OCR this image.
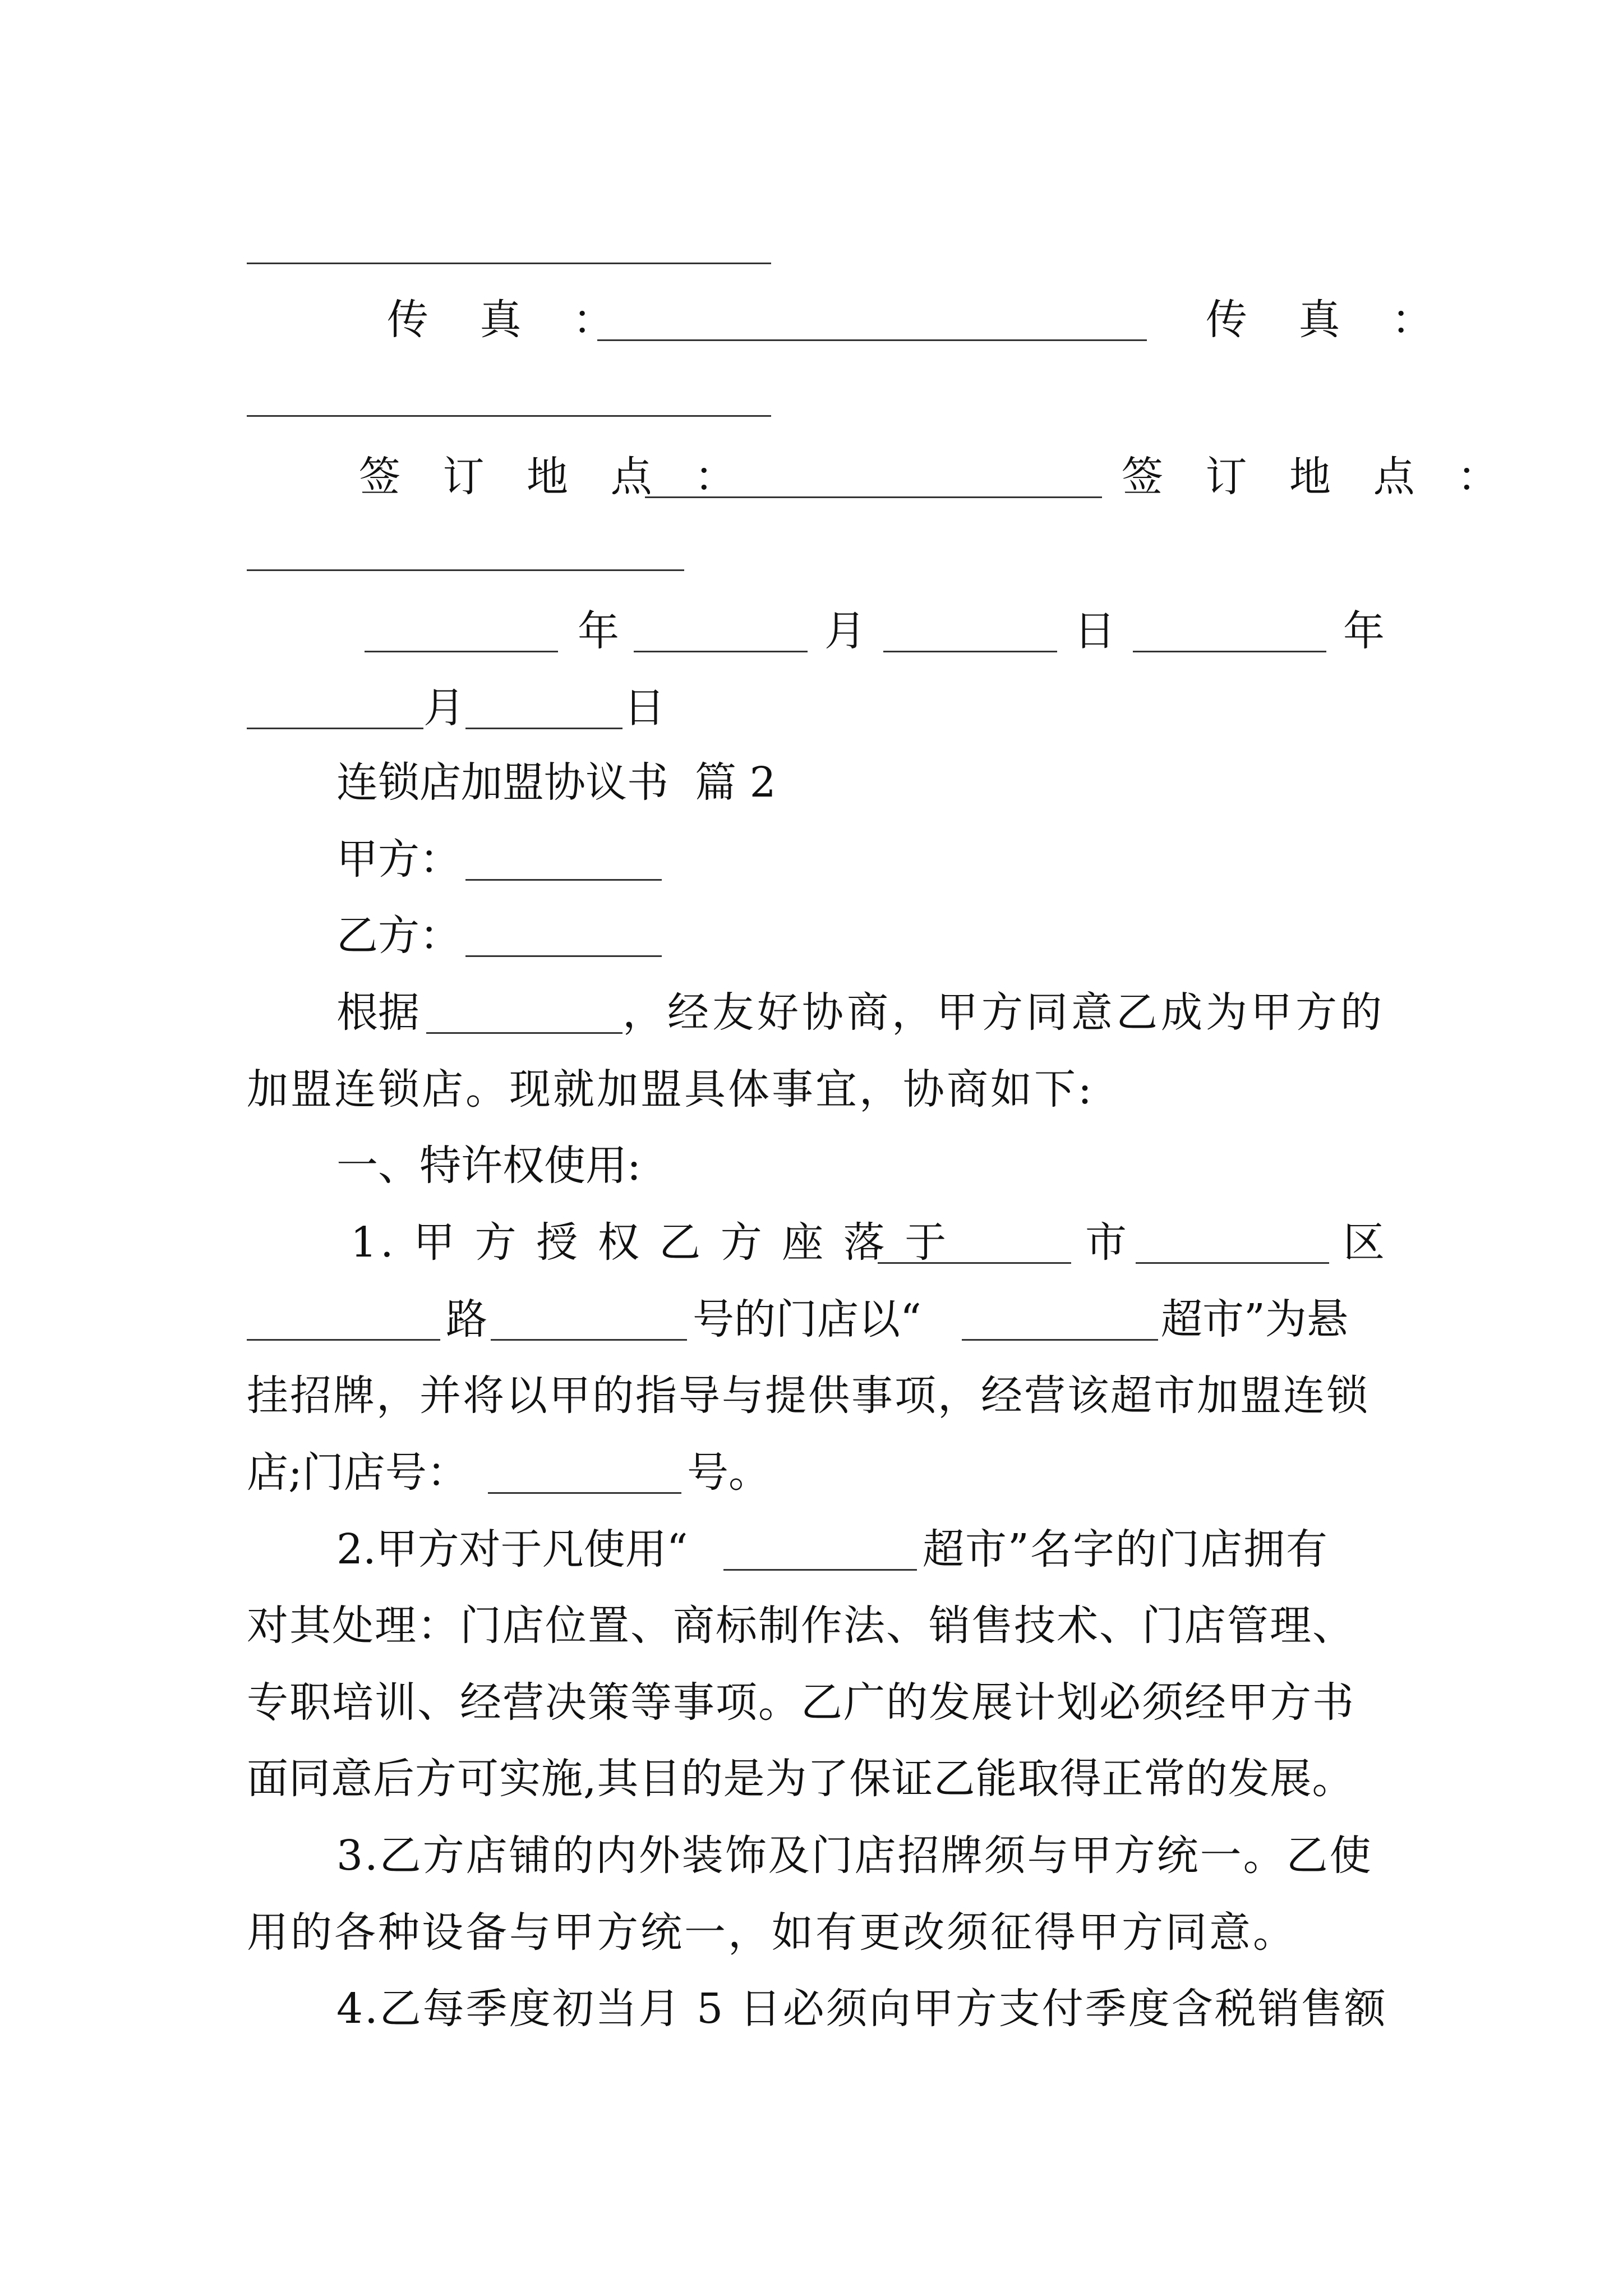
传 真 ：	传 真 ：
签 订 地 点 ：	签 订 地 点 ：
年	月	日	年
月	日
连锁店加盟协议书  篇 2
甲方：
乙方：
根据	，经友好协商，甲方同意乙成为甲方的
加盟连锁店。现就加盟具体事宜，协商如下:
一、特许权使用:
1. 甲 方 授 权 乙 方 座 落 于	市	区
路	号的门店以“	超市”为悬
挂招牌，并将以甲的指导与提供事项，经营该超市加盟连锁
店;门店号：	号。
2.甲方对于凡使用“	超市”名字的门店拥有
对其处理：门店位置、商标制作法、销售技术、门店管理、
专职培训、经营决策等事项。乙广的发展计划必须经甲方书
面同意后方可实施,其目的是为了保证乙能取得正常的发展。
3.乙方店铺的内外装饰及门店招牌须与甲方统一。乙使
用的各种设备与甲方统一，如有更改须征得甲方同意。
4.乙每季度初当月 5 日必须向甲方支付季度含税销售额
